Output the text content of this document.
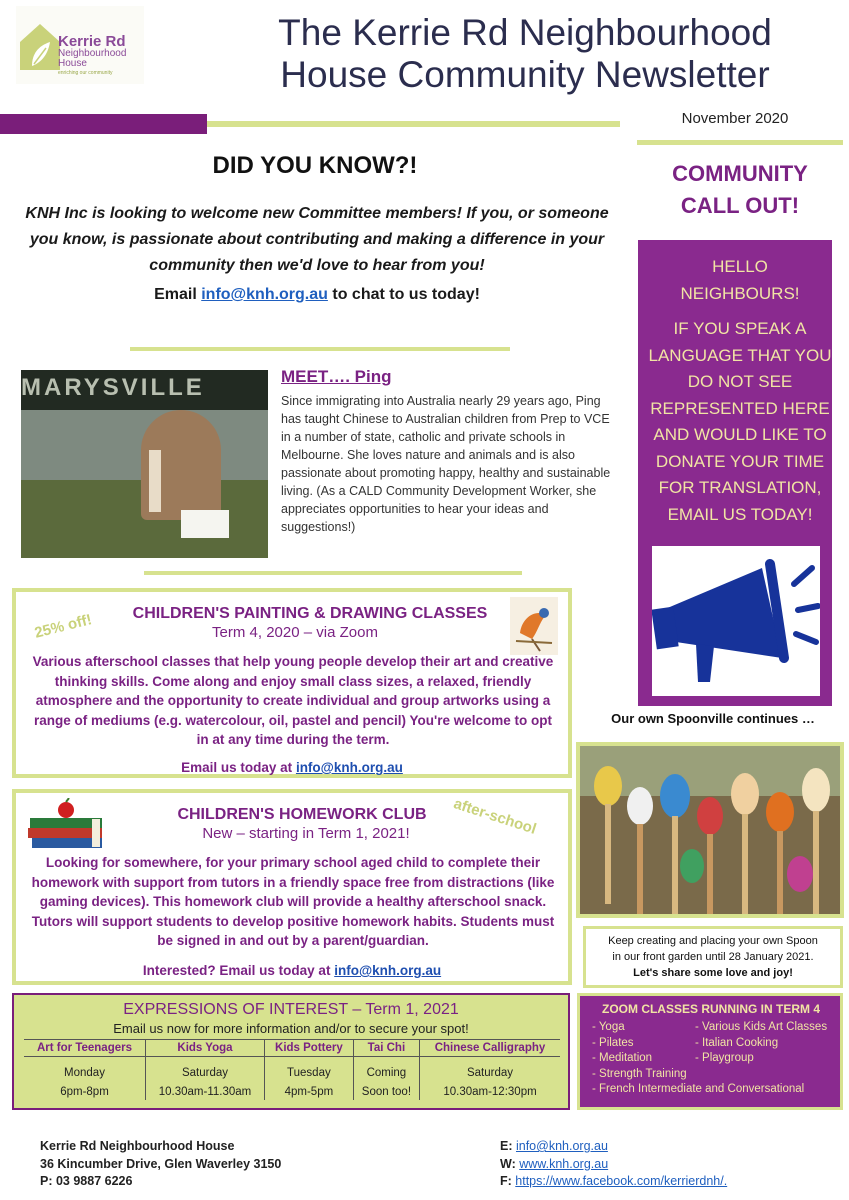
Kerrie Rd
Neighbourhood
House
enriching our community
The Kerrie Rd Neighbourhood
House Community Newsletter
November 2020
DID YOU KNOW?!
KNH Inc is looking to welcome new Committee members! If you, or someone you know, is passionate about contributing and making a difference in your community then we'd love to hear from you!
Email info@knh.org.au to chat to us today!
COMMUNITY
CALL OUT!
HELLO
NEIGHBOURS!
IF YOU SPEAK A LANGUAGE THAT YOU DO NOT SEE REPRESENTED HERE AND WOULD LIKE TO DONATE YOUR TIME FOR TRANSLATION, EMAIL US TODAY!
MARYSVILLE	MEET…. Ping
Since immigrating into Australia nearly 29 years ago, Ping has taught Chinese to Australian children from Prep to VCE in a number of state, catholic and private schools in Melbourne. She loves nature and animals and is also passionate about promoting happy, healthy and sustainable living. (As a CALD Community Development Worker, she appreciates opportunities to hear your ideas and suggestions!)
25% off!	CHILDREN'S PAINTING & DRAWING CLASSES
Term 4, 2020 – via Zoom
Various afterschool classes that help young people develop their art and creative thinking skills. Come along and enjoy small class sizes, a relaxed, friendly atmosphere and the opportunity to create individual and group artworks using a range of mediums (e.g. watercolour, oil, pastel and pencil) You're welcome to opt in at any time during the term.
Email us today at info@knh.org.au
after-school
CHILDREN'S HOMEWORK CLUB
New – starting in Term 1, 2021!
Looking for somewhere, for your primary school aged child to complete their homework with support from tutors in a friendly space free from distractions (like gaming devices). This homework club will provide a healthy afterschool snack. Tutors will support students to develop positive homework habits. Students must be signed in and out by a parent/guardian.
Interested? Email us today at info@knh.org.au
EXPRESSIONS OF INTEREST – Term 1, 2021
Email us now for more information and/or to secure your spot!
Art for Teenagers	Kids Yoga	Kids Pottery	Tai Chi	Chinese Calligraphy
Monday	Saturday	Tuesday	Coming	Saturday
6pm-8pm	10.30am-11.30am	4pm-5pm	Soon too!	10.30am-12:30pm
Our own Spoonville continues …
Keep creating and placing your own Spoon
in our front garden until 28 January 2021.
Let's share some love and joy!
ZOOM CLASSES RUNNING IN TERM 4
- Yoga
- Pilates
- Meditation
- Strength Training
- French Intermediate and Conversational
- Various Kids Art Classes
- Italian Cooking
- Playgroup
Kerrie Rd Neighbourhood House
36 Kincumber Drive, Glen Waverley 3150
P: 03 9887 6226
E: info@knh.org.au
W: www.knh.org.au
F: https://www.facebook.com/kerrierdnh/.
